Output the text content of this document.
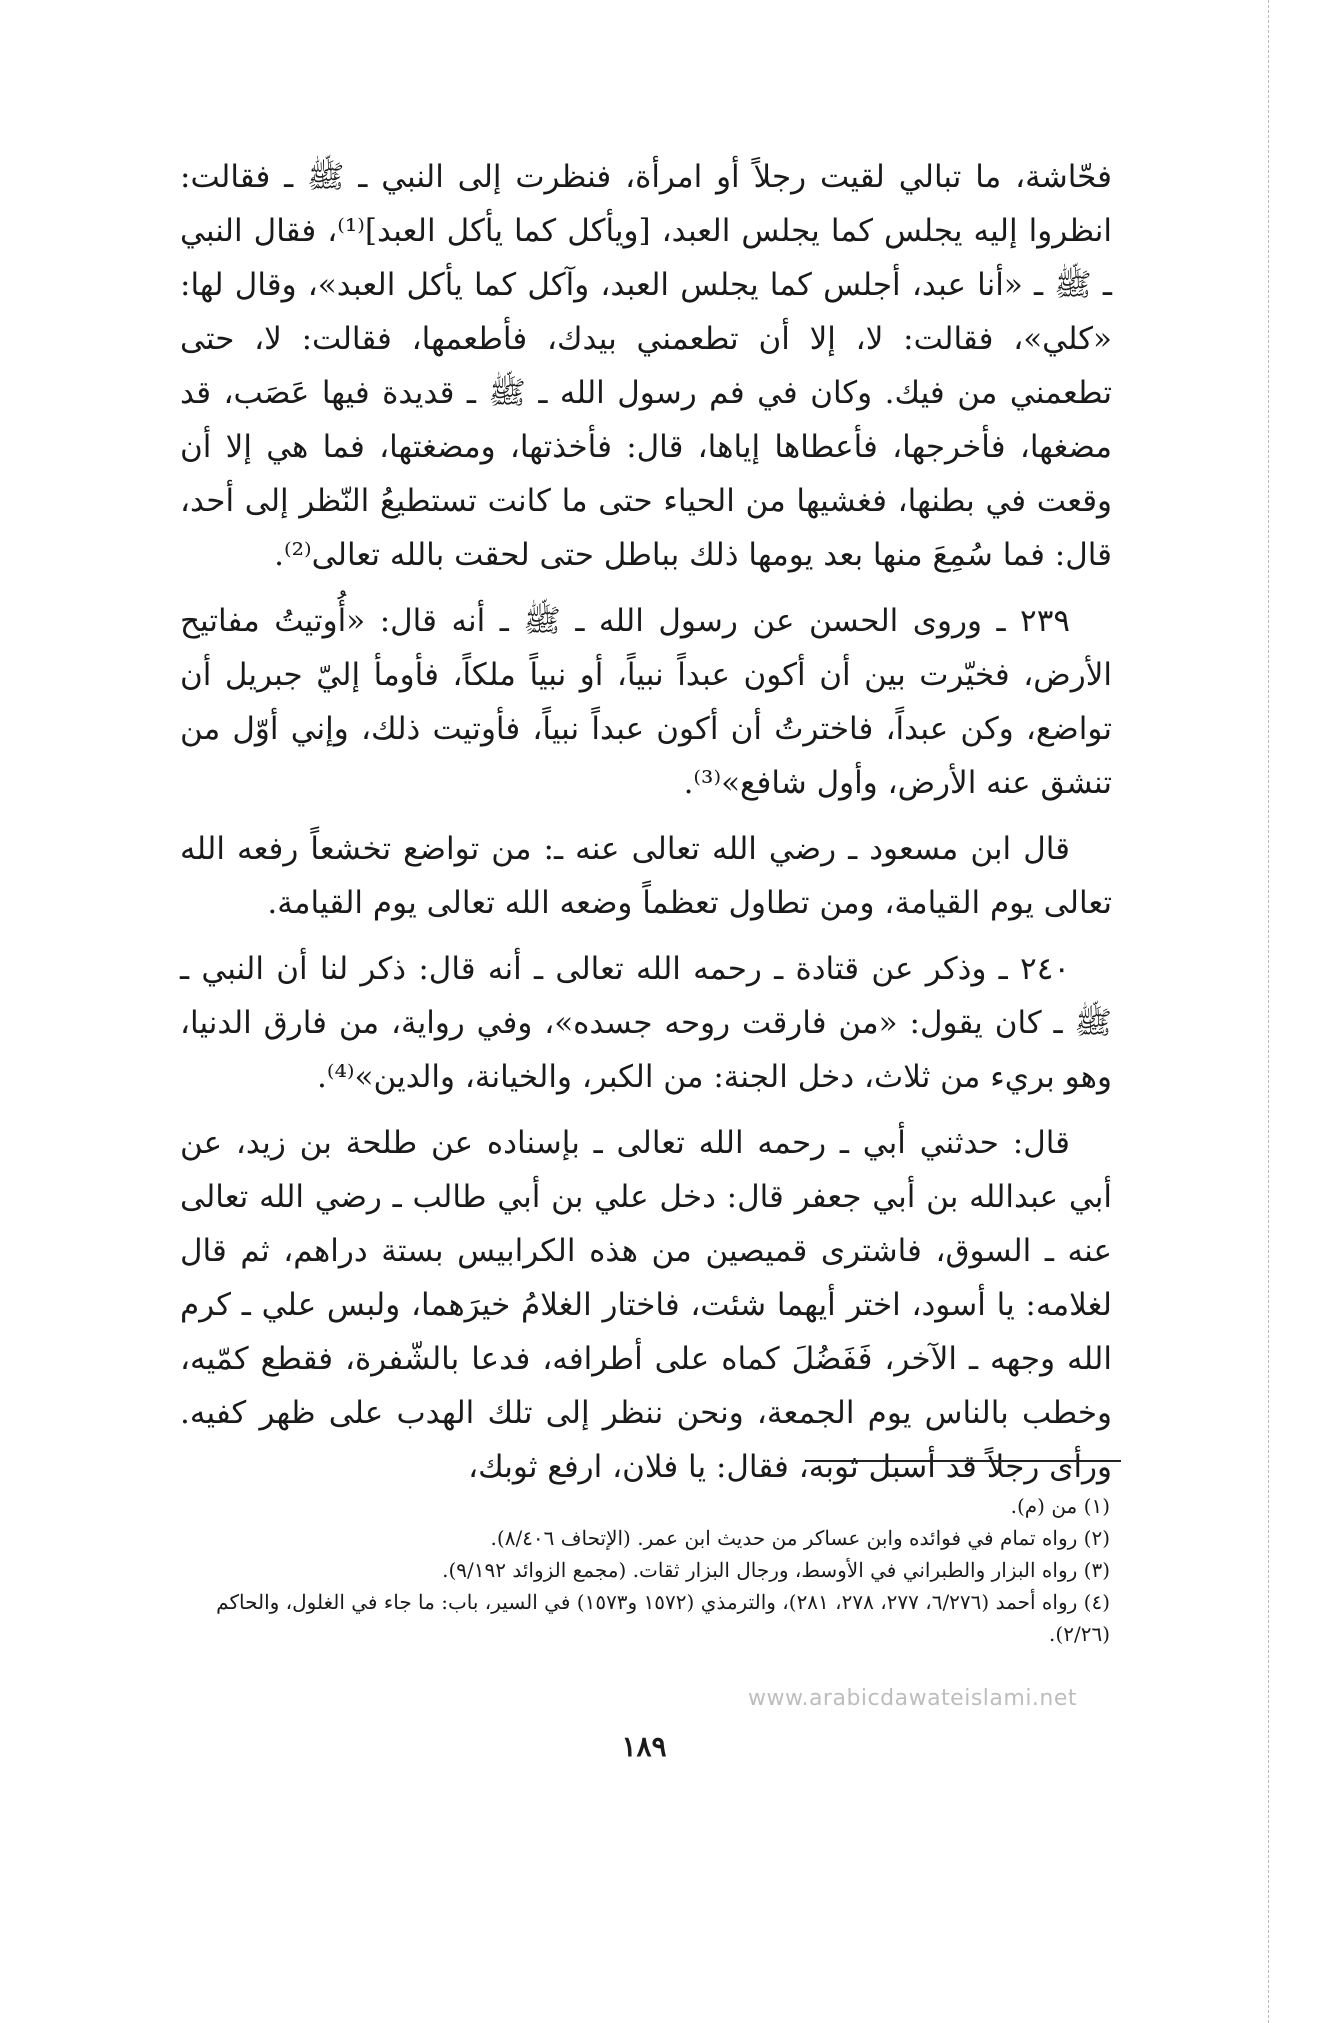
فحّاشة، ما تبالي لقيت رجلاً أو امرأة، فنظرت إلى النبي ـ ﷺ ـ فقالت: انظروا إليه يجلس كما يجلس العبد، [ويأكل كما يأكل العبد]⁽¹⁾، فقال النبي ـ ﷺ ـ «أنا عبد، أجلس كما يجلس العبد، وآكل كما يأكل العبد»، وقال لها: «كلي»، فقالت: لا، إلا أن تطعمني بيدك، فأطعمها، فقالت: لا، حتى تطعمني من فيك. وكان في فم رسول الله ـ ﷺ ـ قديدة فيها عَصَب، قد مضغها، فأخرجها، فأعطاها إياها، قال: فأخذتها، ومضغتها، فما هي إلا أن وقعت في بطنها، فغشيها من الحياء حتى ما كانت تستطيعُ النّظر إلى أحد، قال: فما سُمِعَ منها بعد يومها ذلك بباطل حتى لحقت بالله تعالى⁽²⁾.

٢٣٩ ـ وروى الحسن عن رسول الله ـ ﷺ ـ أنه قال: «أُوتيتُ مفاتيح الأرض، فخيّرت بين أن أكون عبداً نبياً، أو نبياً ملكاً، فأومأ إليّ جبريل أن تواضع، وكن عبداً، فاخترتُ أن أكون عبداً نبياً، فأوتيت ذلك، وإني أوّل من تنشق عنه الأرض، وأول شافع»⁽³⁾.

قال ابن مسعود ـ رضي الله تعالى عنه ـ: من تواضع تخشعاً رفعه الله تعالى يوم القيامة، ومن تطاول تعظماً وضعه الله تعالى يوم القيامة.

٢٤٠ ـ وذكر عن قتادة ـ رحمه الله تعالى ـ أنه قال: ذكر لنا أن النبي ـ ﷺ ـ كان يقول: «من فارقت روحه جسده»، وفي رواية، من فارق الدنيا، وهو بريء من ثلاث، دخل الجنة: من الكبر، والخيانة، والدين»⁽⁴⁾.

قال: حدثني أبي ـ رحمه الله تعالى ـ بإسناده عن طلحة بن زيد، عن أبي عبدالله بن أبي جعفر قال: دخل علي بن أبي طالب ـ رضي الله تعالى عنه ـ السوق، فاشترى قميصين من هذه الكرابيس بستة دراهم، ثم قال لغلامه: يا أسود، اختر أيهما شئت، فاختار الغلامُ خيرَهما، ولبس علي ـ كرم الله وجهه ـ الآخر، فَفَضُلَ كماه على أطرافه، فدعا بالشّفرة، فقطع كمّيه، وخطب بالناس يوم الجمعة، ونحن ننظر إلى تلك الهدب على ظهر كفيه. ورأى رجلاً قد أسبل ثوبه، فقال: يا فلان، ارفع ثوبك،

(١) من (م).
(٢) رواه تمام في فوائده وابن عساكر من حديث ابن عمر. (الإتحاف ٨/٤٠٦).
(٣) رواه البزار والطبراني في الأوسط، ورجال البزار ثقات. (مجمع الزوائد ٩/١٩٢).
(٤) رواه أحمد (٦/٢٧٦، ٢٧٧، ٢٧٨، ٢٨١)، والترمذي (١٥٧٢ و١٥٧٣) في السير، باب: ما جاء في الغلول، والحاكم (٢/٢٦).
www.arabicdawateislami.net
١٨٩
